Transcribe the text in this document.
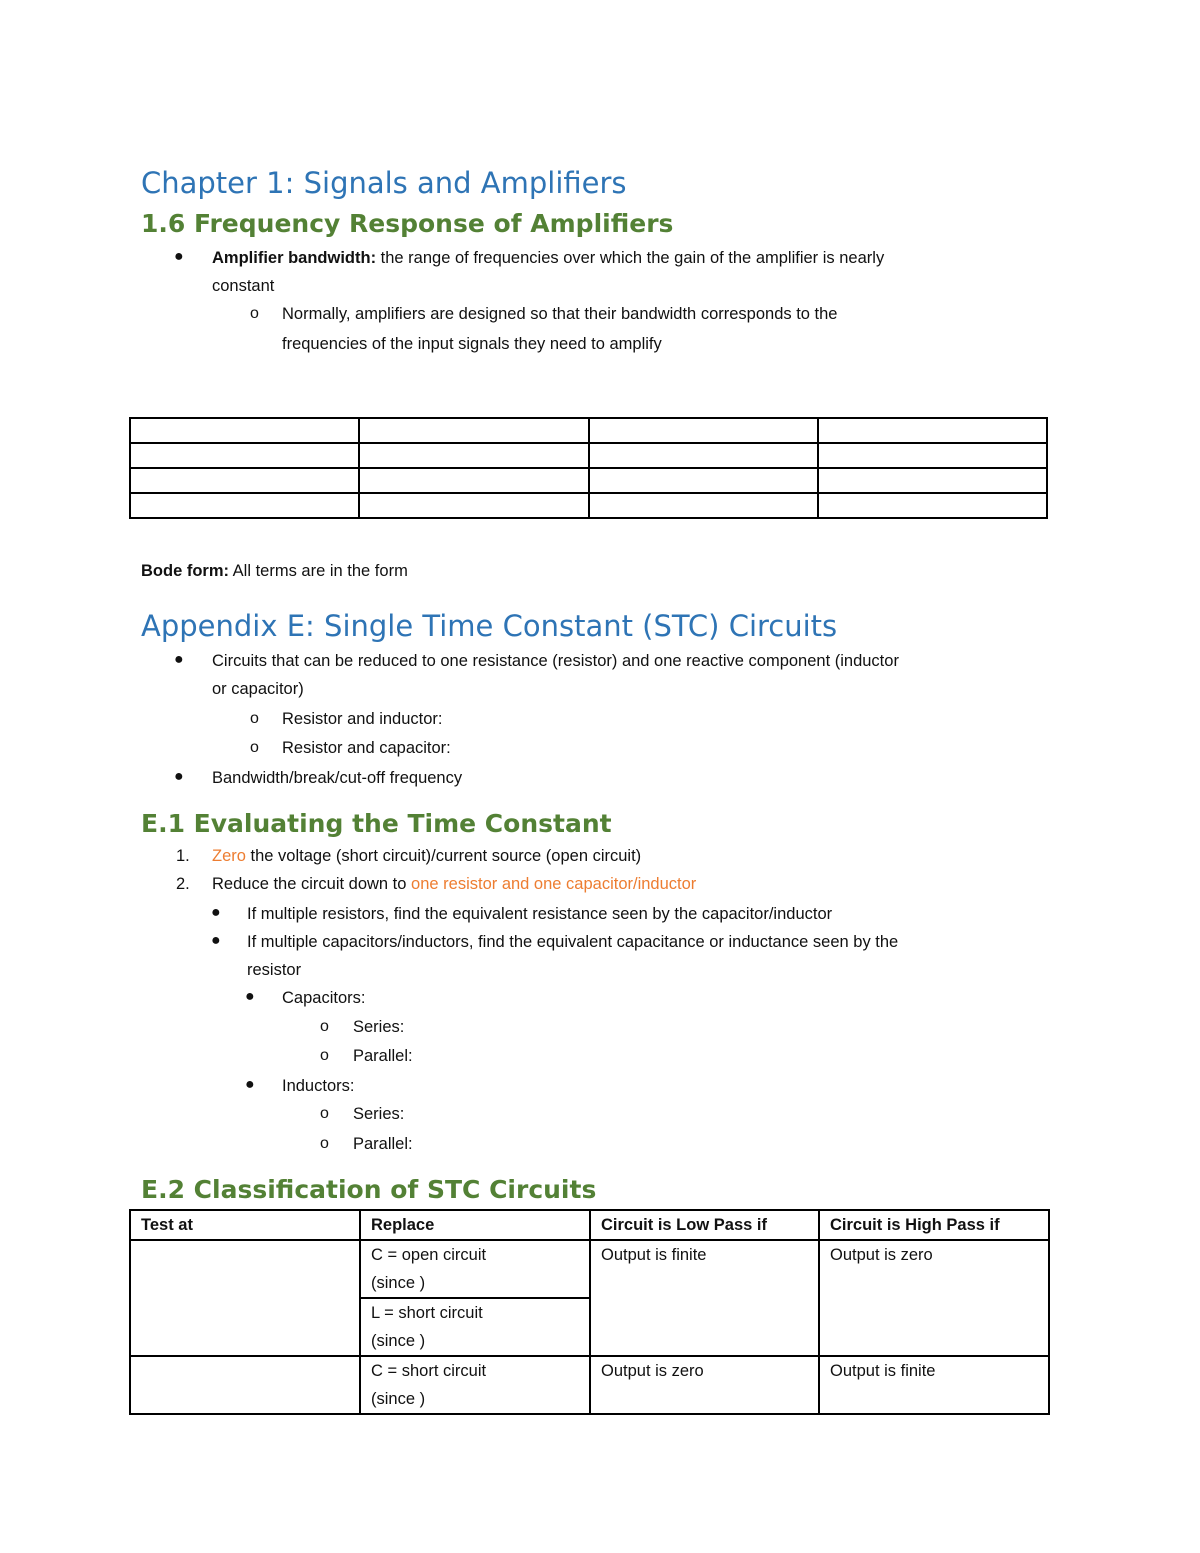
Chapter 1: Signals and Amplifiers
1.6 Frequency Response of Amplifiers
● Amplifier bandwidth: the range of frequencies over which the gain of the amplifier is nearly
constant
o Normally, amplifiers are designed so that their bandwidth corresponds to the
frequencies of the input signals they need to amplify

Bode form: All terms are in the form
Appendix E: Single Time Constant (STC) Circuits
● Circuits that can be reduced to one resistance (resistor) and one reactive component (inductor
or capacitor)
o Resistor and inductor:
o Resistor and capacitor:
● Bandwidth/break/cut-off frequency
E.1 Evaluating the Time Constant
1. Zero the voltage (short circuit)/current source (open circuit)
2. Reduce the circuit down to one resistor and one capacitor/inductor
● If multiple resistors, find the equivalent resistance seen by the capacitor/inductor
● If multiple capacitors/inductors, find the equivalent capacitance or inductance seen by the
resistor
● Capacitors:
o Series:
o Parallel:
● Inductors:
o Series:
o Parallel:
E.2 Classification of STC Circuits
Test at	Replace	Circuit is Low Pass if	Circuit is High Pass if

	C = open circuit
(since )	Output is finite	Output is zero

	L = short circuit
(since )		

	C = short circuit
(since )	Output is zero	Output is finite
